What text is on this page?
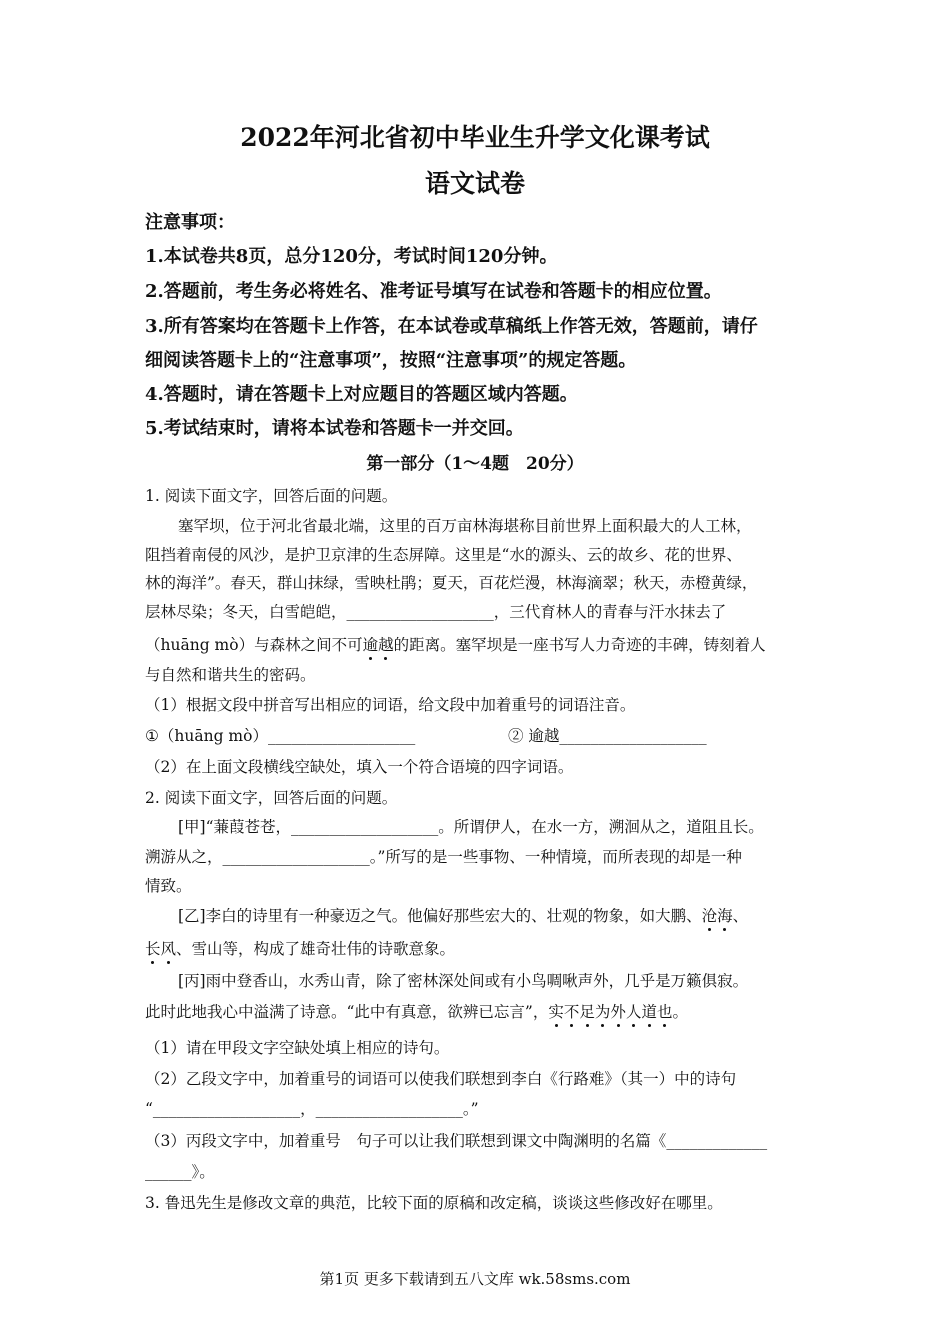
2022年河北省初中毕业生升学文化课考试
语文试卷
注意事项：
1.本试卷共8页，总分120分，考试时间120分钟。
2.答题前，考生务必将姓名、准考证号填写在试卷和答题卡的相应位置。
3.所有答案均在答题卡上作答，在本试卷或草稿纸上作答无效，答题前，请仔
细阅读答题卡上的“注意事项”，按照“注意事项”的规定答题。
4.答题时，请在答题卡上对应题目的答题区域内答题。
5.考试结束时，请将本试卷和答题卡一并交回。
第一部分（1～4题　20分）
1. 阅读下面文字，回答后面的问题。
塞罕坝，位于河北省最北端，这里的百万亩林海堪称目前世界上面积最大的人工林，
阻挡着南侵的风沙，是护卫京津的生态屏障。这里是“水的源头、云的故乡、花的世界、
林的海洋”。春天，群山抹绿，雪映杜鹃；夏天，百花烂漫，林海滴翠；秋天，赤橙黄绿，
层林尽染；冬天，白雪皑皑，___________________，三代育林人的青春与汗水抹去了
（huāng mò）与森林之间不可逾越的距离。塞罕坝是一座书写人力奇迹的丰碑，铸刻着人
与自然和谐共生的密码。
（1）根据文段中拼音写出相应的词语，给文段中加着重号的词语注音。
①（huāng mò）___________________	② 逾越___________________
（2）在上面文段横线空缺处，填入一个符合语境的四字词语。
2. 阅读下面文字，回答后面的问题。
[甲]“蒹葭苍苍，___________________。所谓伊人，在水一方，溯洄从之，道阻且长。
溯游从之，___________________。”所写的是一些事物、一种情境，而所表现的却是一种
情致。
[乙]李白的诗里有一种豪迈之气。他偏好那些宏大的、壮观的物象，如大鹏、沧海、
长风、雪山等，构成了雄奇壮伟的诗歌意象。
[丙]雨中登香山，水秀山青，除了密林深处间或有小鸟啁啾声外，几乎是万籁俱寂。
此时此地我心中溢满了诗意。“此中有真意，欲辨已忘言”，实不足为外人道也。
（1）请在甲段文字空缺处填上相应的诗句。
（2）乙段文字中，加着重号的词语可以使我们联想到李白《行路难》（其一）中的诗句
“___________________，___________________。”
（3）丙段文字中，加着重号　句子可以让我们联想到课文中陶渊明的名篇《_____________
______》。
3. 鲁迅先生是修改文章的典范，比较下面的原稿和改定稿，谈谈这些修改好在哪里。
第1页 更多下载请到五八文库 wk.58sms.com
